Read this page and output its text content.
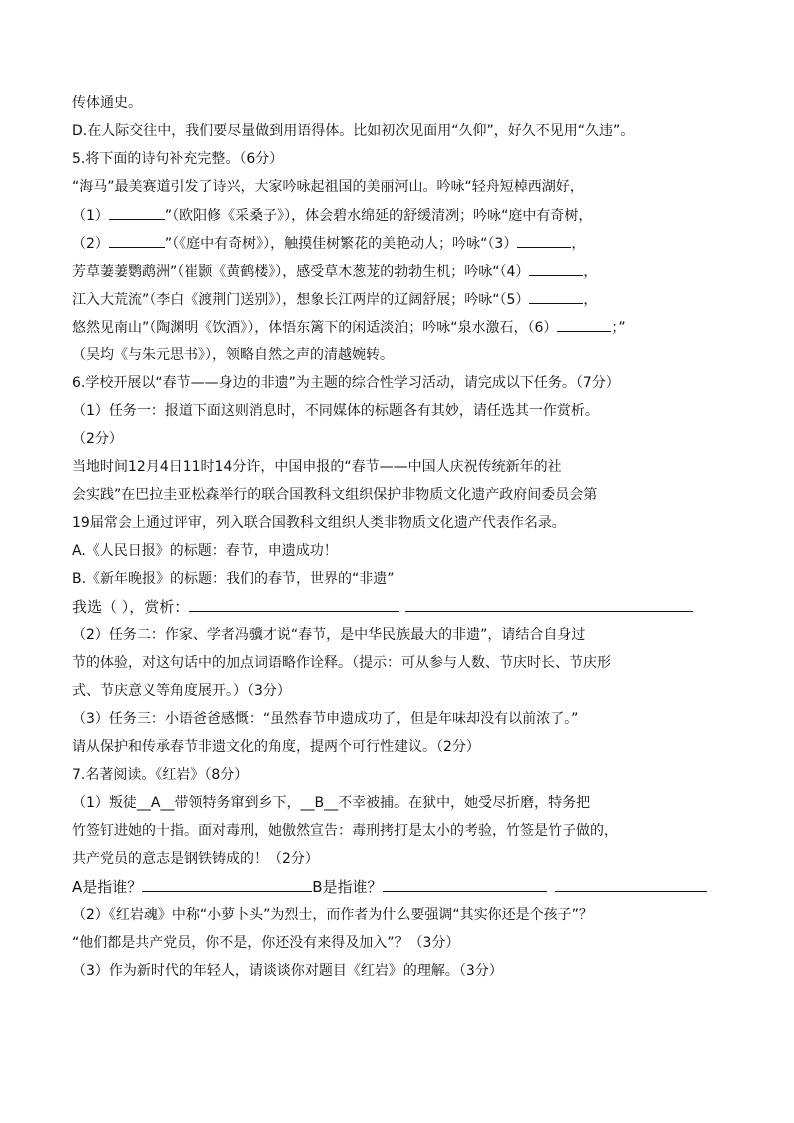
传体通史。
D.在人际交往中，我们要尽量做到用语得体。比如初次见面用“久仰”，好久不见用“久违”。
5.将下面的诗句补充完整。（6分）
“海马”最美赛道引发了诗兴，大家吟咏起祖国的美丽河山。吟咏“轻舟短棹西湖好，
（1）	”（欧阳修《采桑子》），体会碧水绵延的舒缓清冽；吟咏“庭中有奇树，
（2）	”（《庭中有奇树》），触摸佳树繁花的美艳动人；吟咏“（3）	，
芳草萋萋鹦鹉洲”（崔颢《黄鹤楼》），感受草木葱茏的勃勃生机；吟咏“（4）	，
江入大荒流”（李白《渡荆门送别》），想象长江两岸的辽阔舒展；吟咏“（5）	，
悠然见南山”（陶渊明《饮酒》），体悟东篱下的闲适淡泊；吟咏“泉水激石，（6）	；”
（吴均《与朱元思书》），领略自然之声的清越婉转。
6.学校开展以“春节——身边的非遗”为主题的综合性学习活动，请完成以下任务。（7分）
（1）任务一：报道下面这则消息时，不同媒体的标题各有其妙，请任选其一作赏析。
（2分）
当地时间12月4日11时14分许，中国申报的“春节——中国人庆祝传统新年的社
会实践”在巴拉圭亚松森举行的联合国教科文组织保护非物质文化遗产政府间委员会第
19届常会上通过评审，列入联合国教科文组织人类非物质文化遗产代表作名录。
A.《人民日报》的标题：春节，申遗成功！
B.《新年晚报》的标题：我们的春节，世界的“非遗”
我选（ ），赏析：
（2）任务二：作家、学者冯骥才说“春节，是中华民族最大的非遗”，请结合自身过
节的体验，对这句话中的加点词语略作诠释。（提示：可从参与人数、节庆时长、节庆形
式、节庆意义等角度展开。）（3分）
（3）任务三：小语爸爸感慨：“虽然春节申遗成功了，但是年味却没有以前浓了。”
请从保护和传承春节非遗文化的角度，提两个可行性建议。（2分）
7.名著阅读。《红岩》（8分）
（1）叛徒__A__带领特务窜到乡下，__B__不幸被捕。在狱中，她受尽折磨，特务把
竹签钉进她的十指。面对毒刑，她傲然宣告：毒刑拷打是太小的考验，竹签是竹子做的，
共产党员的意志是钢铁铸成的！（2分）
A是指谁？	B是指谁？
（2）《红岩魂》中称“小萝卜头”为烈士，而作者为什么要强调“其实你还是个孩子”？
“他们都是共产党员，你不是，你还没有来得及加入”？（3分）
（3）作为新时代的年轻人，请谈谈你对题目《红岩》的理解。（3分）
